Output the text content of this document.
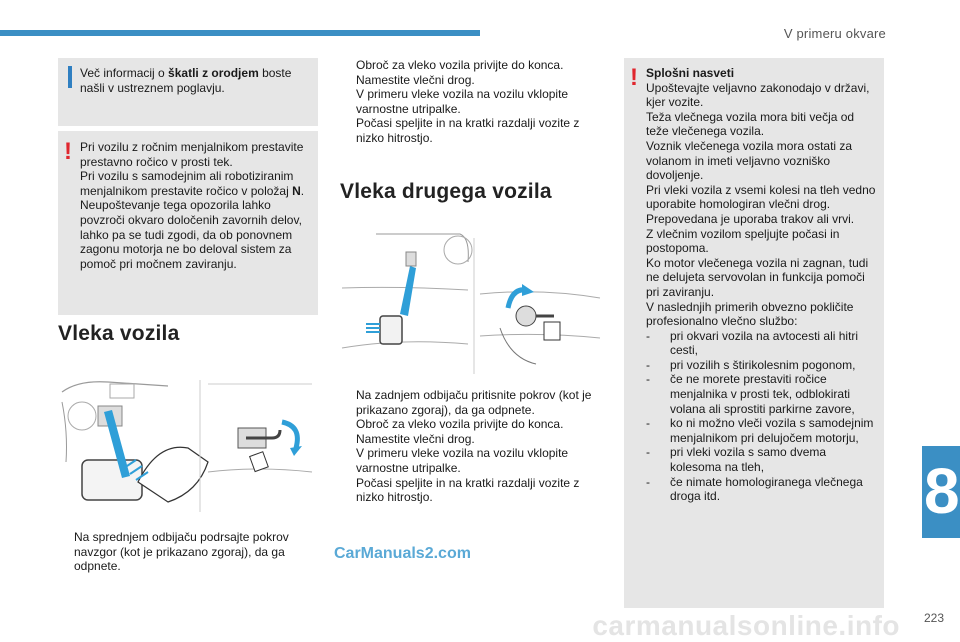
V primeru okvare
Več informacij o škatli z orodjem boste našli v ustreznem poglavju.
! Pri vozilu z ročnim menjalnikom prestavite prestavno ročico v prosti tek.
Pri vozilu s samodejnim ali robotiziranim menjalnikom prestavite ročico v položaj N.
Neupoštevanje tega opozorila lahko povzroči okvaro določenih zavornih delov, lahko pa se tudi zgodi, da ob ponovnem zagonu motorja ne bo deloval sistem za pomoč pri močnem zaviranju.
Vleka vozila
Na sprednjem odbijaču podrsajte pokrov navzgor (kot je prikazano zgoraj), da ga odpnete.
Obroč za vleko vozila privijte do konca.
Namestite vlečni drog.
V primeru vleke vozila na vozilu vklopite varnostne utripalke.
Počasi speljite in na kratki razdalji vozite z nizko hitrostjo.
Vleka drugega vozila
Na zadnjem odbijaču pritisnite pokrov (kot je prikazano zgoraj), da ga odpnete.
Obroč za vleko vozila privijte do konca.
Namestite vlečni drog.
V primeru vleke vozila na vozilu vklopite varnostne utripalke.
Počasi speljite in na kratki razdalji vozite z nizko hitrostjo.
! Splošni nasveti
Upoštevajte veljavno zakonodajo v državi, kjer vozite.
Teža vlečnega vozila mora biti večja od teže vlečenega vozila.
Voznik vlečenega vozila mora ostati za volanom in imeti veljavno vozniško dovoljenje.
Pri vleki vozila z vsemi kolesi na tleh vedno uporabite homologiran vlečni drog.
Prepovedana je uporaba trakov ali vrvi.
Z vlečnim vozilom speljujte počasi in postopoma.
Ko motor vlečenega vozila ni zagnan, tudi ne delujeta servovolan in funkcija pomoči pri zaviranju.
V naslednjih primerih obvezno pokličite profesionalno vlečno službo:
- pri okvari vozila na avtocesti ali hitri cesti,
- pri vozilih s štirikolesnim pogonom,
- če ne morete prestaviti ročice menjalnika v prosti tek, odblokirati volana ali sprostiti parkirne zavore,
- ko ni možno vleči vozila s samodejnim menjalnikom pri delujočem motorju,
- pri vleki vozila s samo dvema kolesoma na tleh,
- če nimate homologiranega vlečnega droga itd.	8
CarManuals2.com
carmanualsonline.info 223
